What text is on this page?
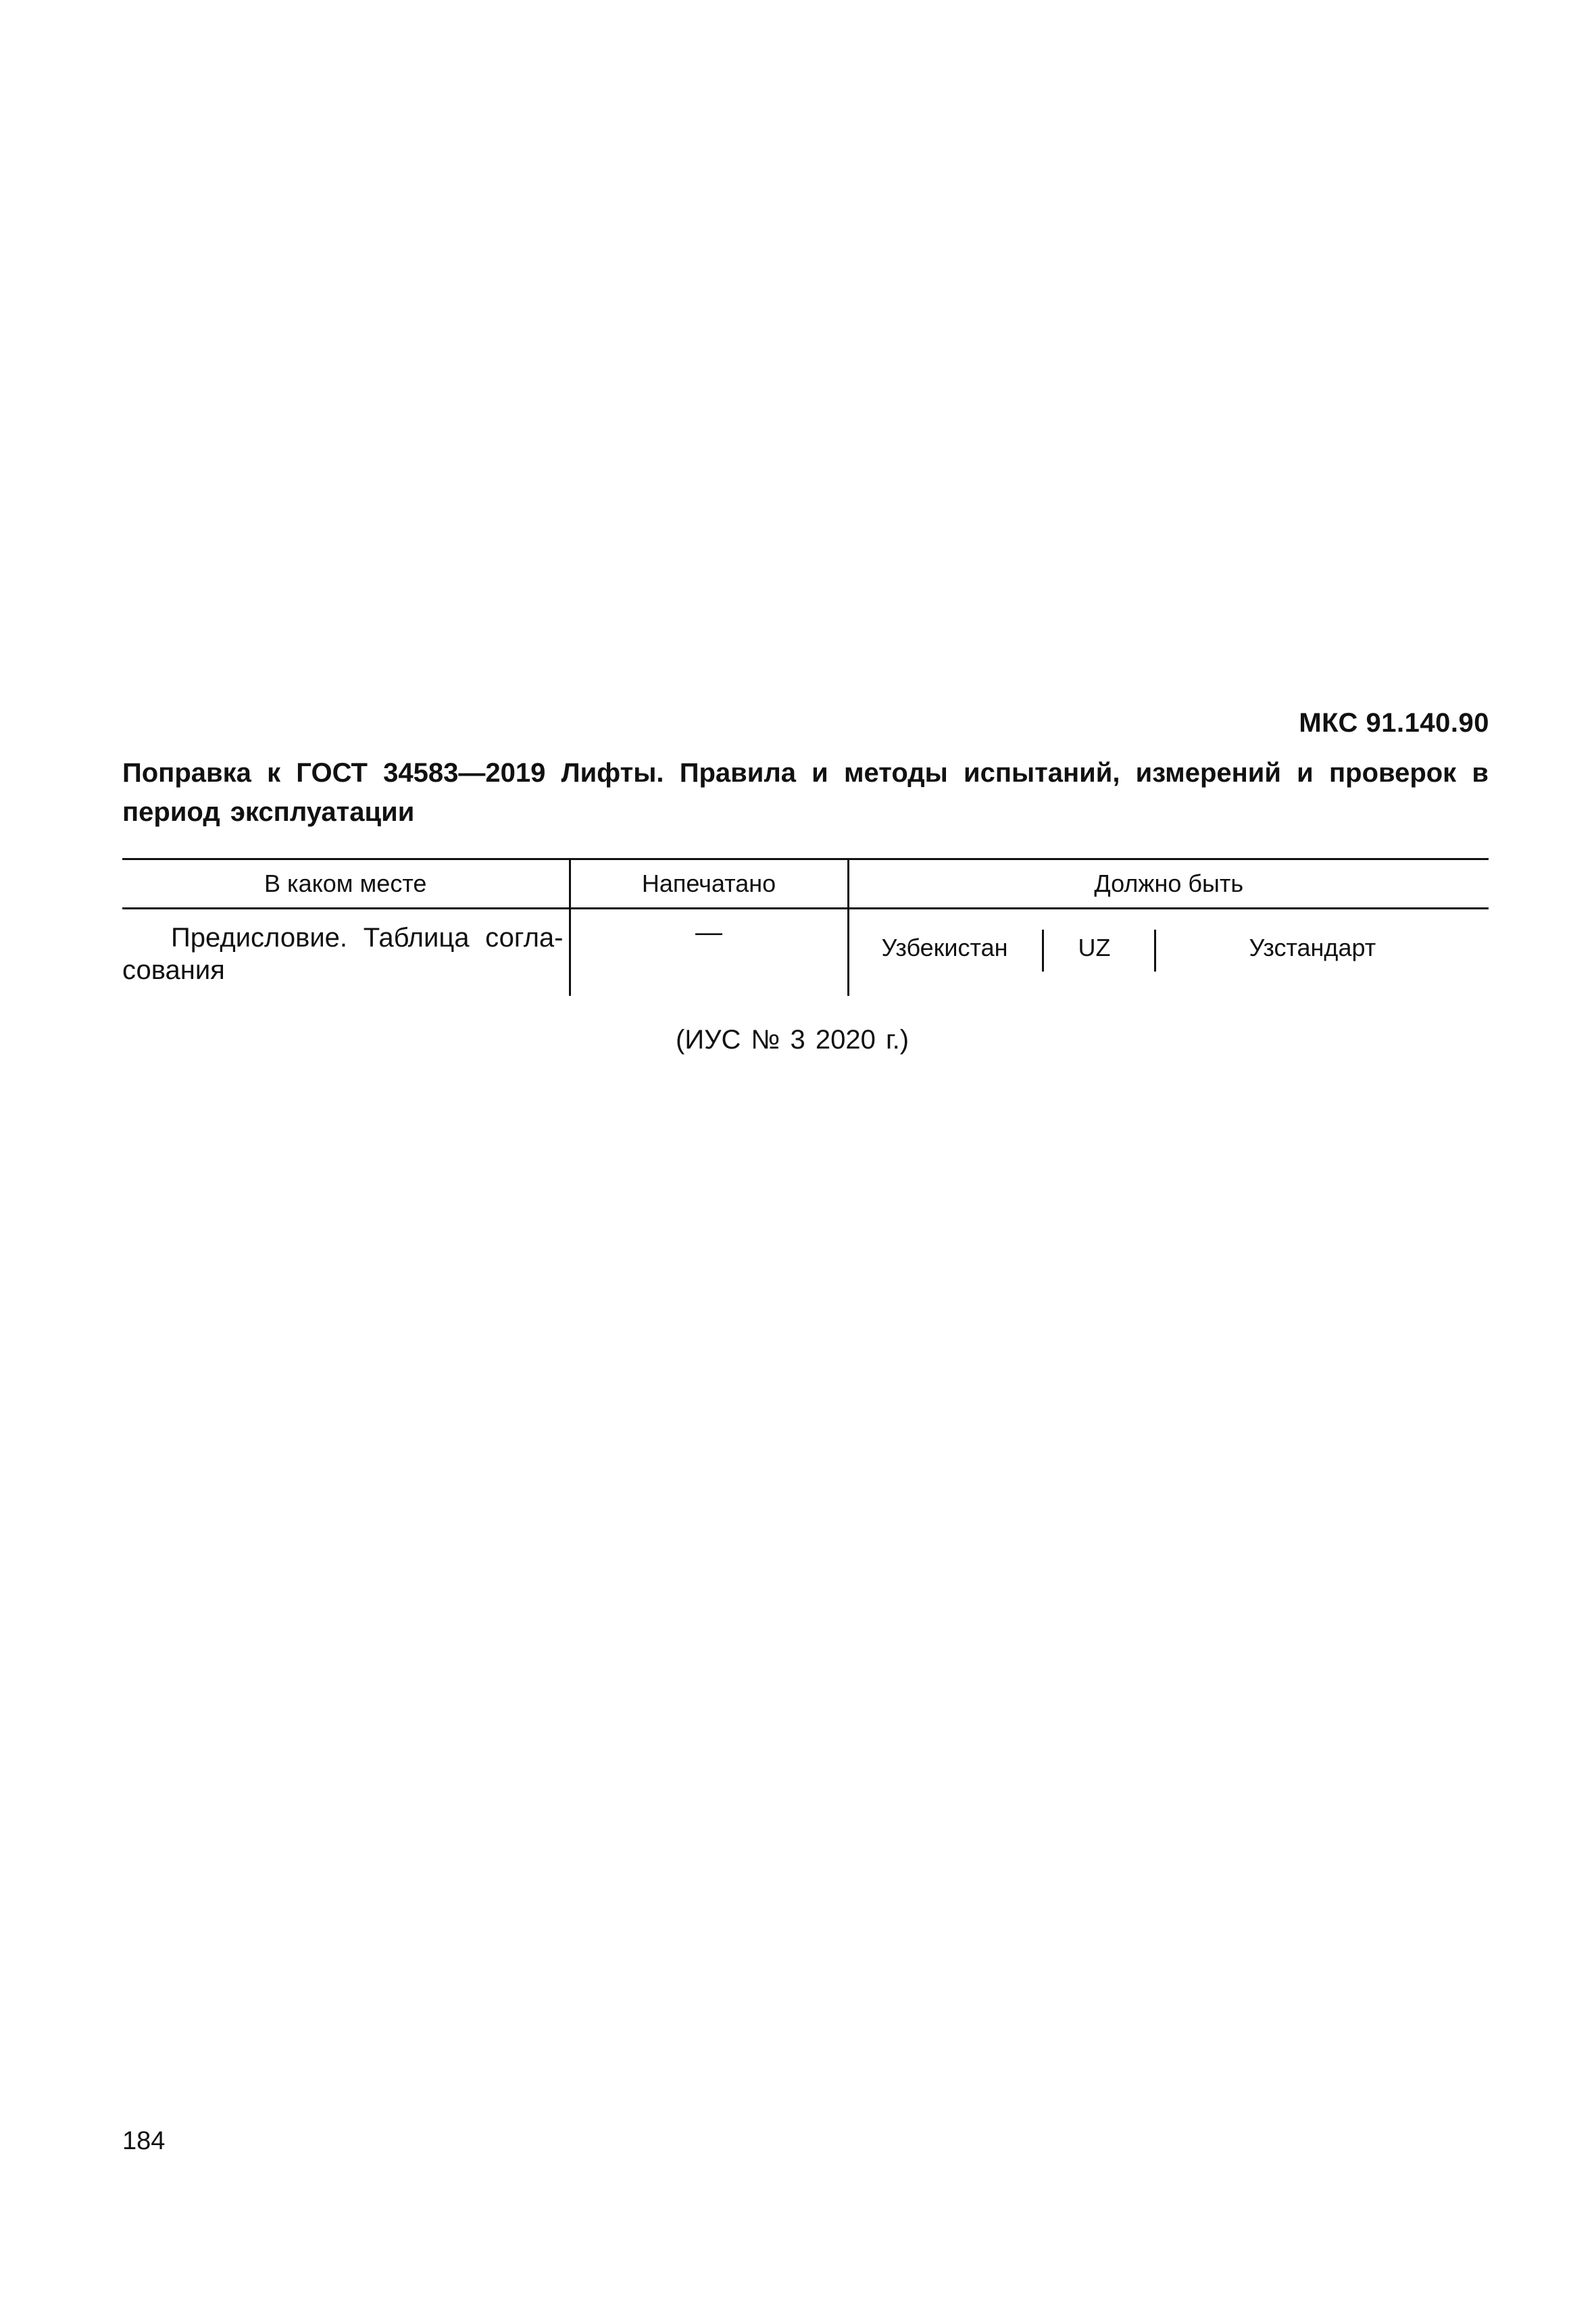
МКС 91.140.90
Поправка к ГОСТ 34583—2019 Лифты. Правила и методы испытаний, измерений и проверок в период эксплуатации
В каком месте	Напечатано	Должно быть

Предисловие. Таблица согла-сования	—	Узбекистан UZ Узстандарт
(ИУС № 3 2020 г.)
184
